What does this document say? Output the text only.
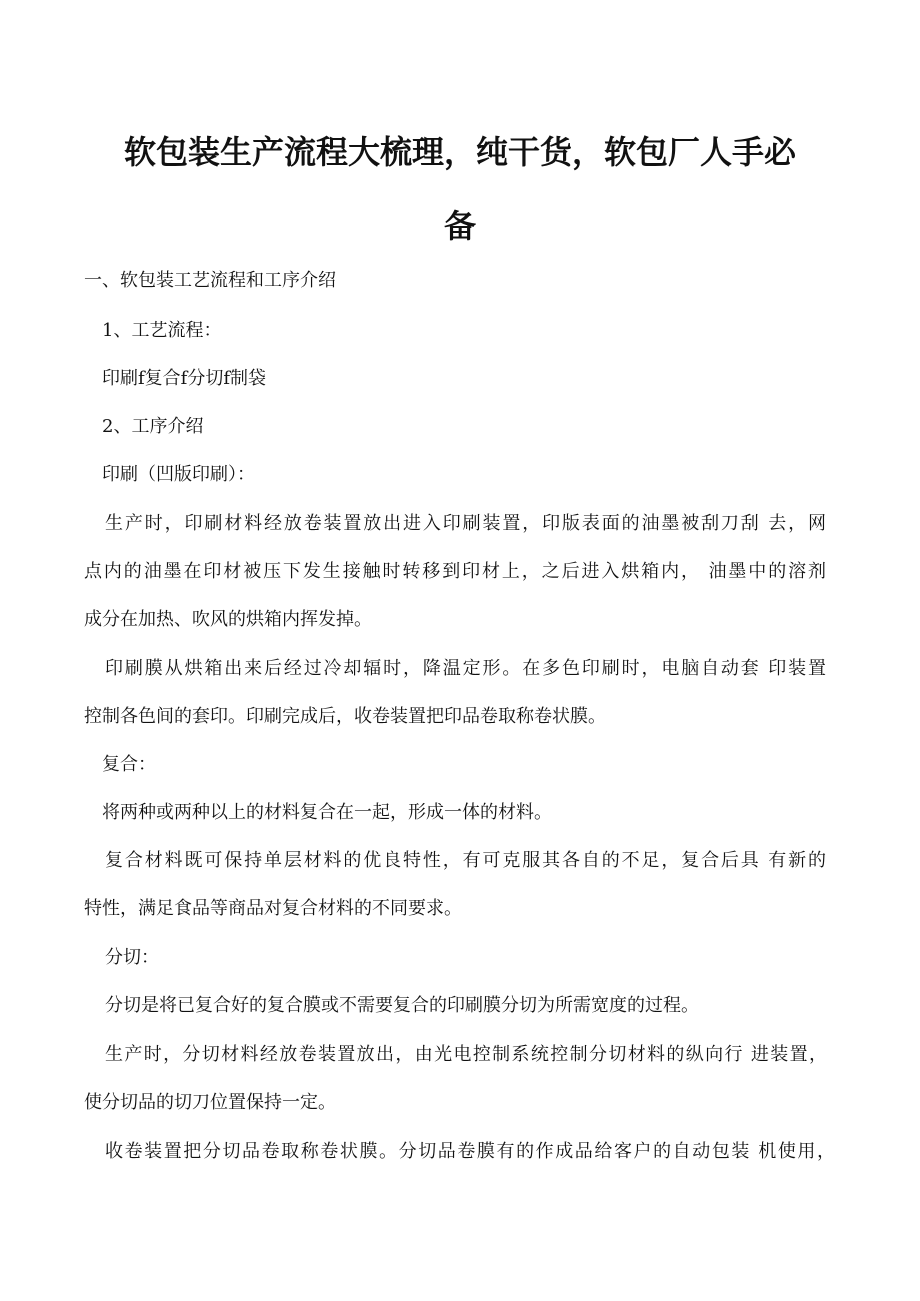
软包装生产流程大梳理，纯干货，软包厂人手必
备

一、软包装工艺流程和工序介绍

1、工艺流程：

印刷f复合f分切f制袋

2、工序介绍

印刷（凹版印刷）：

生产时，印刷材料经放卷装置放出进入印刷装置，印版表面的油墨被刮刀刮 去，网

点内的油墨在印材被压下发生接触时转移到印材上，之后进入烘箱内， 油墨中的溶剂

成分在加热、吹风的烘箱内挥发掉。

印刷膜从烘箱出来后经过冷却辐时，降温定形。在多色印刷时，电脑自动套 印装置

控制各色间的套印。印刷完成后，收卷装置把印品卷取称卷状膜。

复合：

将两种或两种以上的材料复合在一起，形成一体的材料。

复合材料既可保持单层材料的优良特性，有可克服其各自的不足，复合后具 有新的

特性，满足食品等商品对复合材料的不同要求。

分切：

分切是将已复合好的复合膜或不需要复合的印刷膜分切为所需宽度的过程。

生产时，分切材料经放卷装置放出，由光电控制系统控制分切材料的纵向行 进装置，

使分切品的切刀位置保持一定。

收卷装置把分切品卷取称卷状膜。分切品卷膜有的作成品给客户的自动包装 机使用，
